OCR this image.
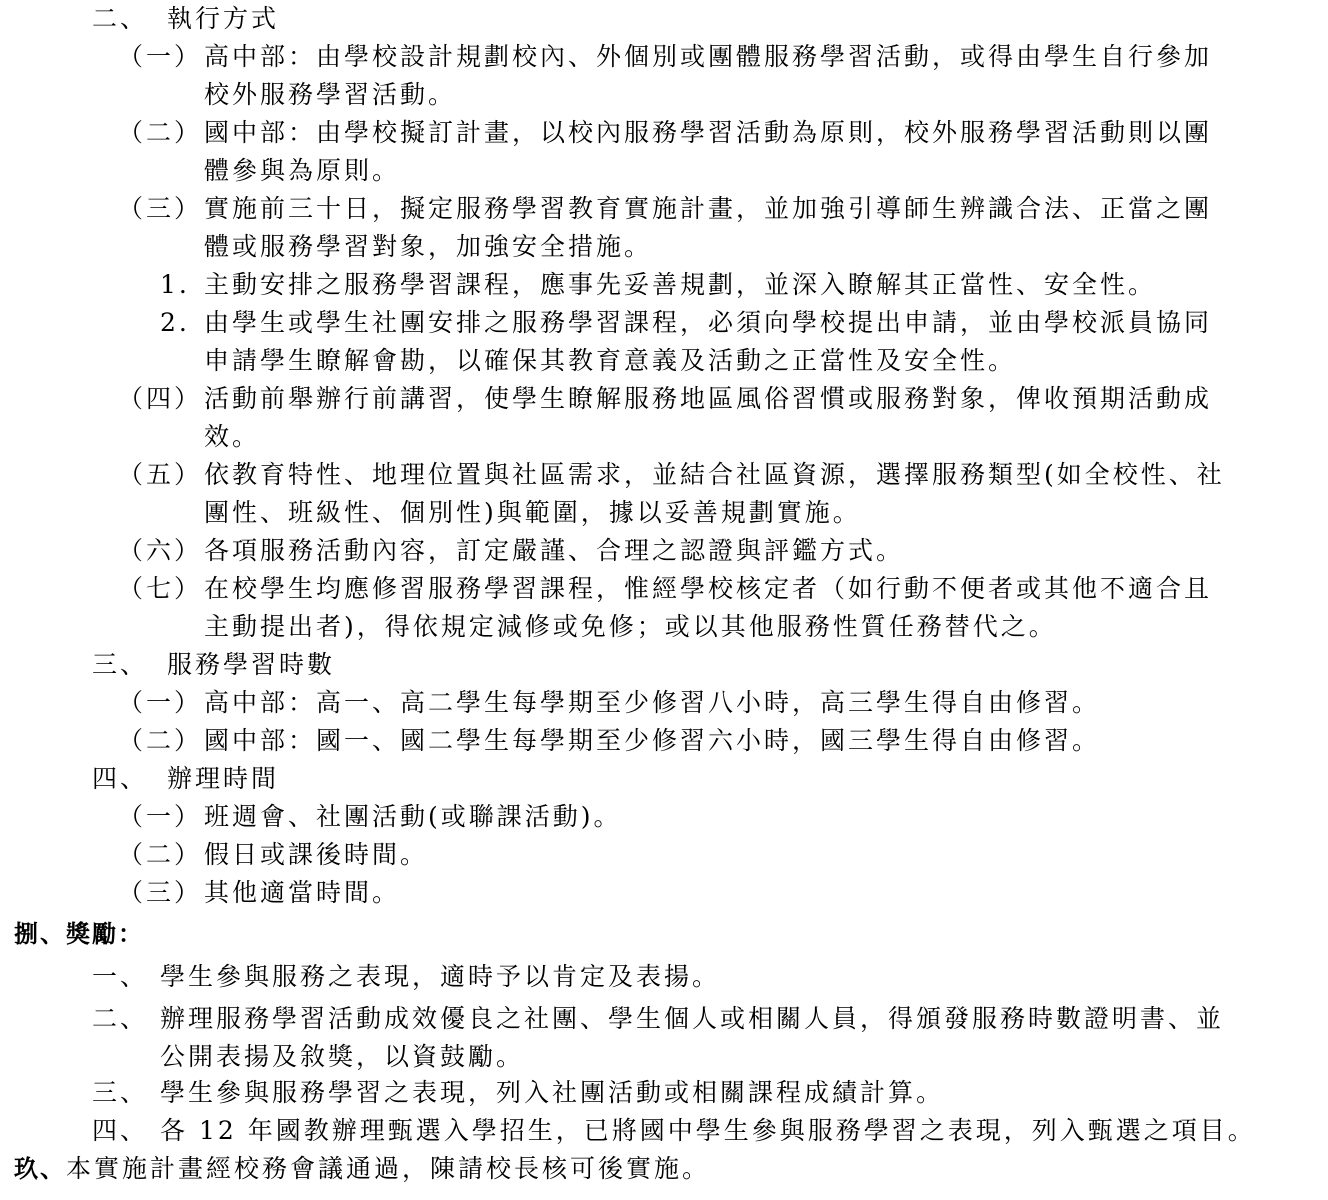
二、 執行方式
（一） 高中部：由學校設計規劃校內、外個別或團體服務學習活動，或得由學生自行參加
校外服務學習活動。
（二） 國中部：由學校擬訂計畫，以校內服務學習活動為原則，校外服務學習活動則以團
體參與為原則。
（三） 實施前三十日，擬定服務學習教育實施計畫，並加強引導師生辨識合法、正當之團
體或服務學習對象，加強安全措施。
1. 主動安排之服務學習課程，應事先妥善規劃，並深入瞭解其正當性、安全性。
2. 由學生或學生社團安排之服務學習課程，必須向學校提出申請，並由學校派員協同
申請學生瞭解會勘，以確保其教育意義及活動之正當性及安全性。
（四） 活動前舉辦行前講習，使學生瞭解服務地區風俗習慣或服務對象，俾收預期活動成
效。
（五） 依教育特性、地理位置與社區需求，並結合社區資源，選擇服務類型(如全校性、社
團性、班級性、個別性)與範圍，據以妥善規劃實施。
（六） 各項服務活動內容，訂定嚴謹、合理之認證與評鑑方式。
（七） 在校學生均應修習服務學習課程，惟經學校核定者（如行動不便者或其他不適合且
主動提出者)，得依規定減修或免修；或以其他服務性質任務替代之。
三、 服務學習時數
（一） 高中部：高一、高二學生每學期至少修習八小時，高三學生得自由修習。
（二） 國中部：國一、國二學生每學期至少修習六小時，國三學生得自由修習。
四、 辦理時間
（一） 班週會、社團活動(或聯課活動)。
（二） 假日或課後時間。
（三） 其他適當時間。
捌、獎勵：
一、 學生參與服務之表現，適時予以肯定及表揚。
二、 辦理服務學習活動成效優良之社團、學生個人或相關人員，得頒發服務時數證明書、並
公開表揚及敘獎，以資鼓勵。
三、 學生參與服務學習之表現，列入社團活動或相關課程成績計算。
四、 各 12 年國教辦理甄選入學招生，已將國中學生參與服務學習之表現，列入甄選之項目。
玖、本實施計畫經校務會議通過，陳請校長核可後實施。
